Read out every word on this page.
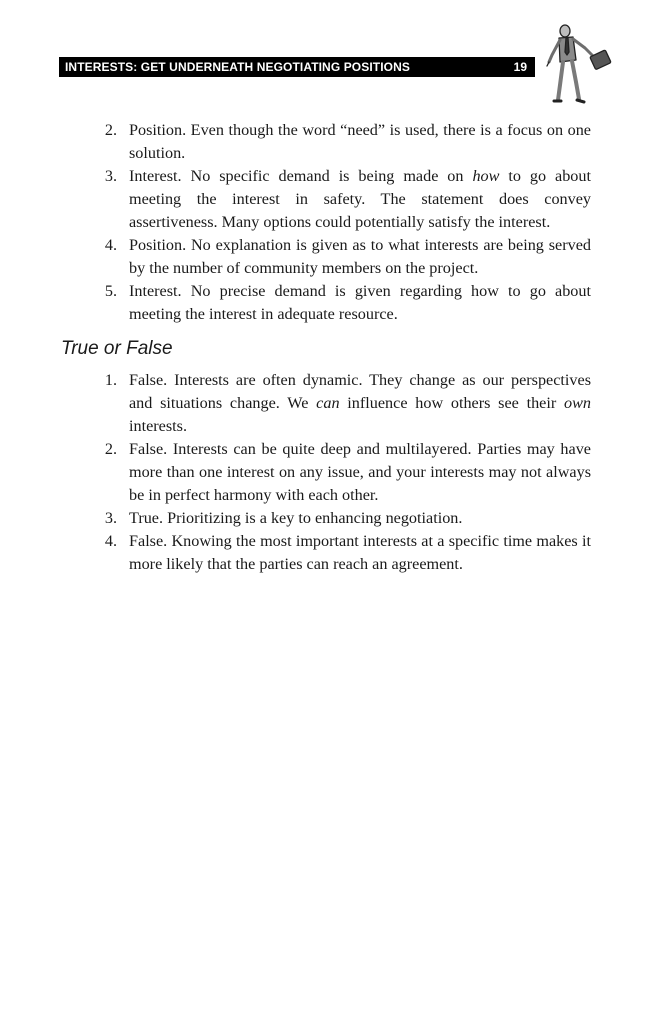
INTERESTS: GET UNDERNEATH NEGOTIATING POSITIONS	19
2. Position. Even though the word “need” is used, there is a focus on one solution.
3. Interest. No specific demand is being made on how to go about meeting the interest in safety. The statement does convey assertiveness. Many options could potentially satisfy the interest.
4. Position. No explanation is given as to what interests are being served by the number of community members on the project.
5. Interest. No precise demand is given regarding how to go about meeting the interest in adequate resource.
True or False
1. False. Interests are often dynamic. They change as our perspectives and situations change. We can influence how others see their own interests.
2. False. Interests can be quite deep and multilayered. Parties may have more than one interest on any issue, and your interests may not always be in perfect harmony with each other.
3. True. Prioritizing is a key to enhancing negotiation.
4. False. Knowing the most important interests at a specific time makes it more likely that the parties can reach an agreement.
